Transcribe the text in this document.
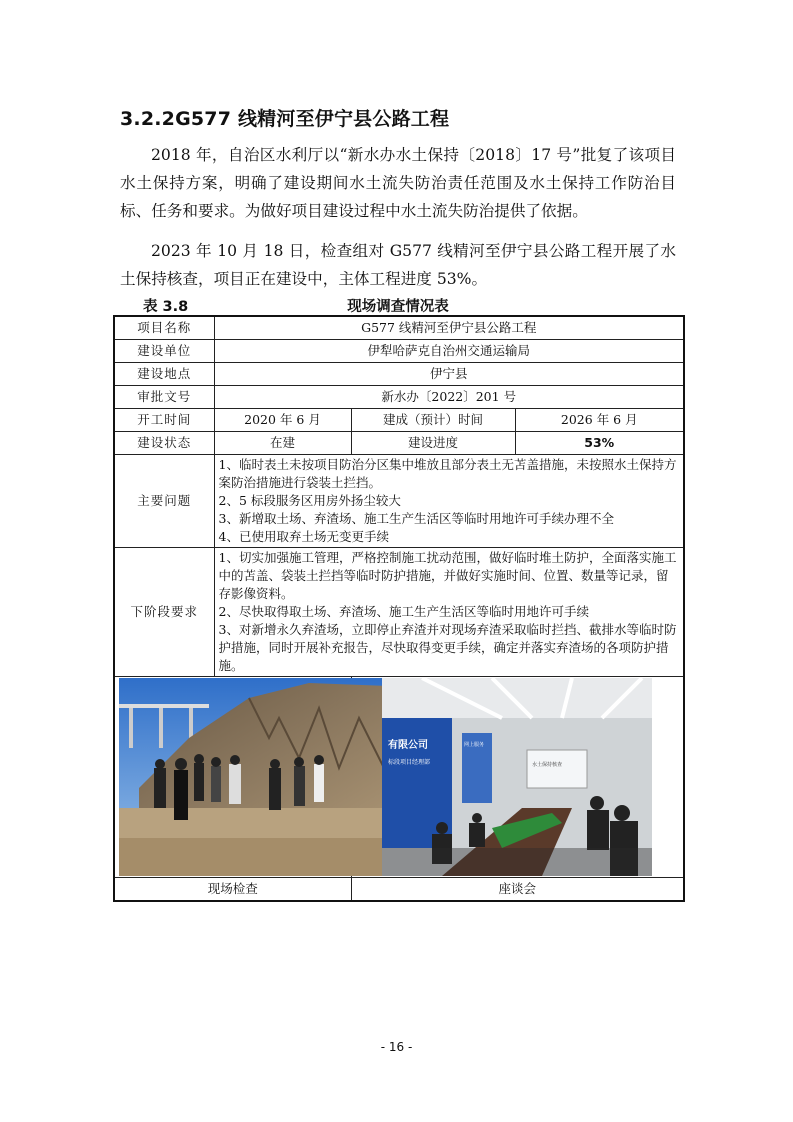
3.2.2G577 线精河至伊宁县公路工程
2018 年，自治区水利厅以“新水办水土保持〔2018〕17 号”批复了该项目水土保持方案，明确了建设期间水土流失防治责任范围及水土保持工作防治目标、任务和要求。为做好项目建设过程中水土流失防治提供了依据。
2023 年 10 月 18 日，检查组对 G577 线精河至伊宁县公路工程开展了水土保持核查，项目正在建设中，主体工程进度 53%。
表 3.8	现场调查情况表
项目名称	G577 线精河至伊宁县公路工程		
建设单位	伊犁哈萨克自治州交通运输局		
建设地点	伊宁县		
审批文号	新水办〔2022〕201 号		
开工时间	2020 年 6 月	建成（预计）时间	2026 年 6 月
建设状态	在建	建设进度	53%
主要问题	1、临时表土未按项目防治分区集中堆放且部分表土无苫盖措施，未按照水土保持方案防治措施进行袋装土拦挡。
2、5 标段服务区用房外扬尘较大
3、新增取土场、弃渣场、施工生产生活区等临时用地许可手续办理不全
4、已使用取弃土场无变更手续		

下阶段要求	1、切实加强施工管理，严格控制施工扰动范围，做好临时堆土防护，全面落实施工中的苫盖、袋装土拦挡等临时防护措施，并做好实施时间、位置、数量等记录，留存影像资料。
2、尽快取得取土场、弃渣场、施工生产生活区等临时用地许可手续
3、对新增永久弃渣场，立即停止弃渣并对现场弃渣采取临时拦挡、截排水等临时防护措施，同时开展补充报告，尽快取得变更手续，确定并落实弃渣场的各项防护措施。		

有限公司
标段项目经理部 水土保持核查
网上服务	

现场检查		座谈会	
- 16 -
